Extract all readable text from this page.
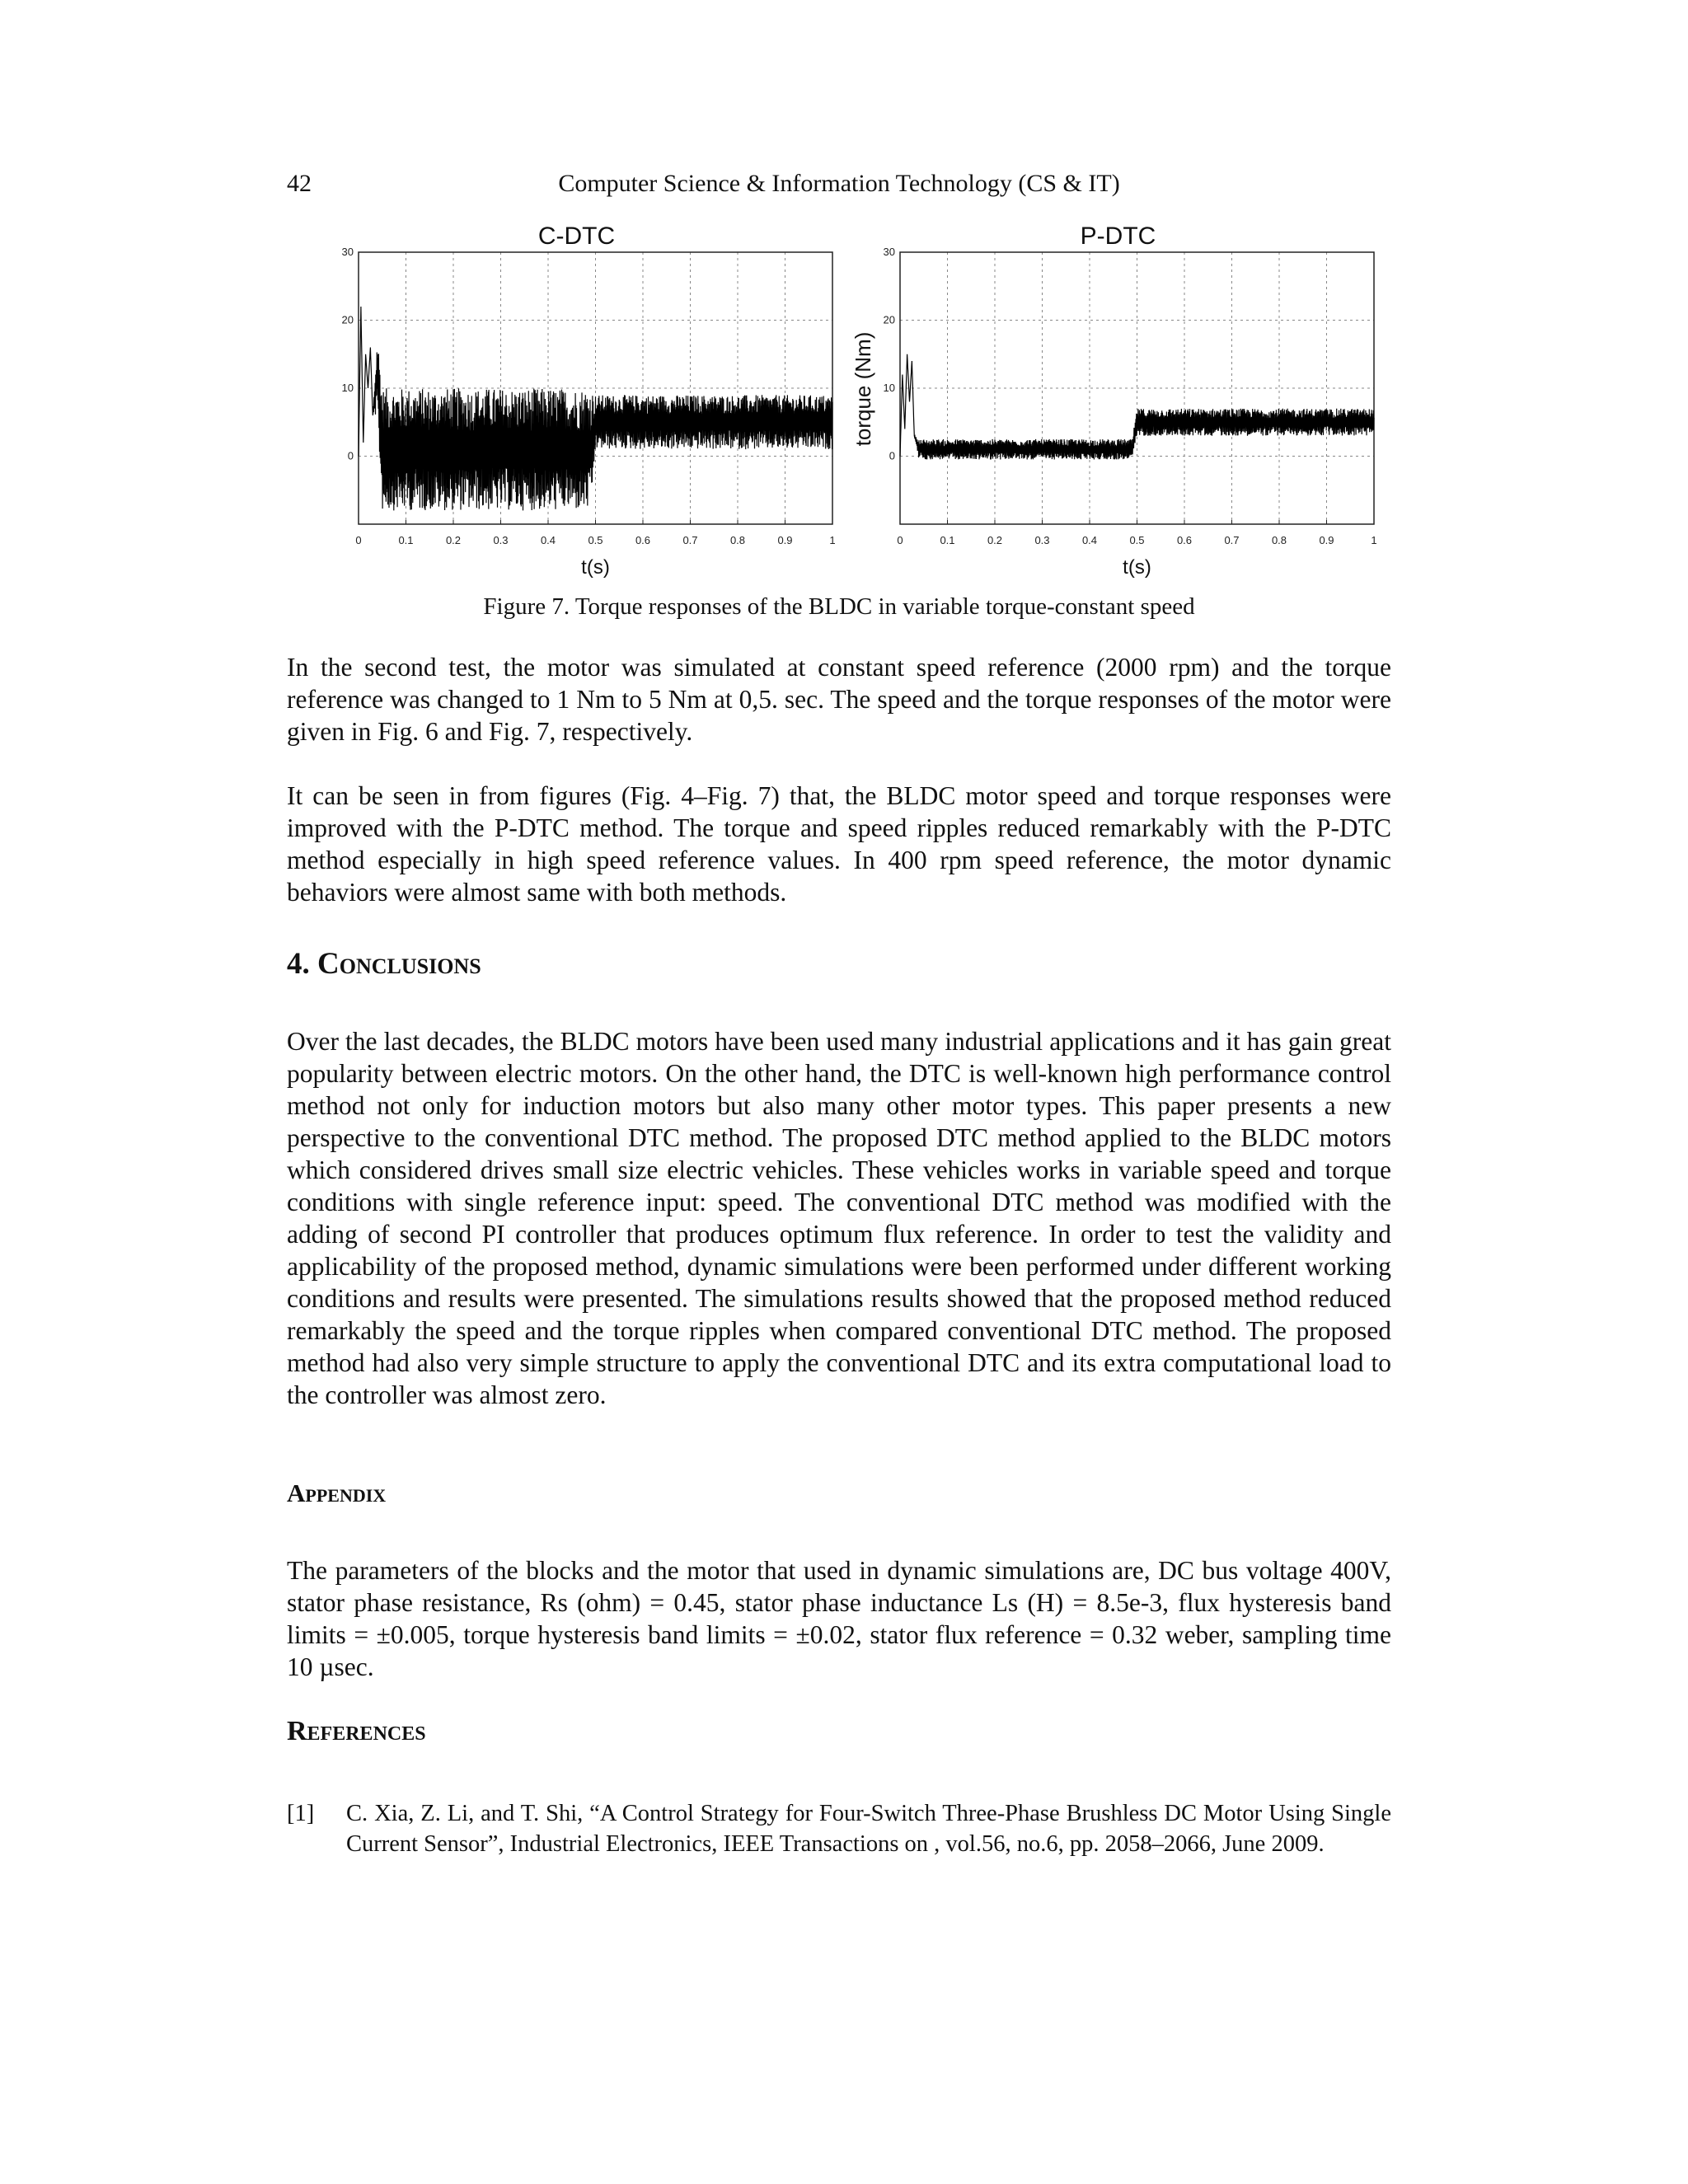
42	Computer Science & Information Technology (CS & IT)
0	0.1	0.2	0.3	0.4	0.5	0.6	0.7	0.8	0.9	1
0
10
20
30
C-DTC
t(s)
0	0.1	0.2	0.3	0.4	0.5	0.6	0.7	0.8	0.9	1
0
10
20
30
P-DTC
t(s)
torque (Nm)
Figure 7. Torque responses of the BLDC in variable torque-constant speed

In the second test, the motor was simulated at constant speed reference (2000 rpm) and the torque reference was changed to 1 Nm to 5 Nm at 0,5. sec. The speed and the torque responses of the motor were given in Fig. 6 and Fig. 7, respectively.

It can be seen in from figures (Fig. 4–Fig. 7) that, the BLDC motor speed and torque responses were improved with the P-DTC method. The torque and speed ripples reduced remarkably with the P-DTC method especially in high speed reference values. In 400 rpm speed reference, the motor dynamic behaviors were almost same with both methods.

4. Conclusions

Over the last decades, the BLDC motors have been used many industrial applications and it has gain great popularity between electric motors. On the other hand, the DTC is well-known high performance control method not only for induction motors but also many other motor types. This paper presents a new perspective to the conventional DTC method. The proposed DTC method applied to the BLDC motors which considered drives small size electric vehicles. These vehicles works in variable speed and torque conditions with single reference input: speed. The conventional DTC method was modified with the adding of second PI controller that produces optimum flux reference. In order to test the validity and applicability of the proposed method, dynamic simulations were been performed under different working conditions and results were presented. The simulations results showed that the proposed method reduced remarkably the speed and the torque ripples when compared conventional DTC method. The proposed method had also very simple structure to apply the conventional DTC and its extra computational load to the controller was almost zero.

Appendix

The parameters of the blocks and the motor that used in dynamic simulations are, DC bus voltage 400V, stator phase resistance, Rs (ohm) = 0.45, stator phase inductance Ls (H) = 8.5e-3, flux hysteresis band limits = ±0.005, torque hysteresis band limits = ±0.02, stator flux reference = 0.32 weber, sampling time 10 µsec.

References
[1] C. Xia, Z. Li, and T. Shi, “A Control Strategy for Four-Switch Three-Phase Brushless DC Motor Using Single Current Sensor”, Industrial Electronics, IEEE Transactions on , vol.56, no.6, pp. 2058–2066, June 2009.
